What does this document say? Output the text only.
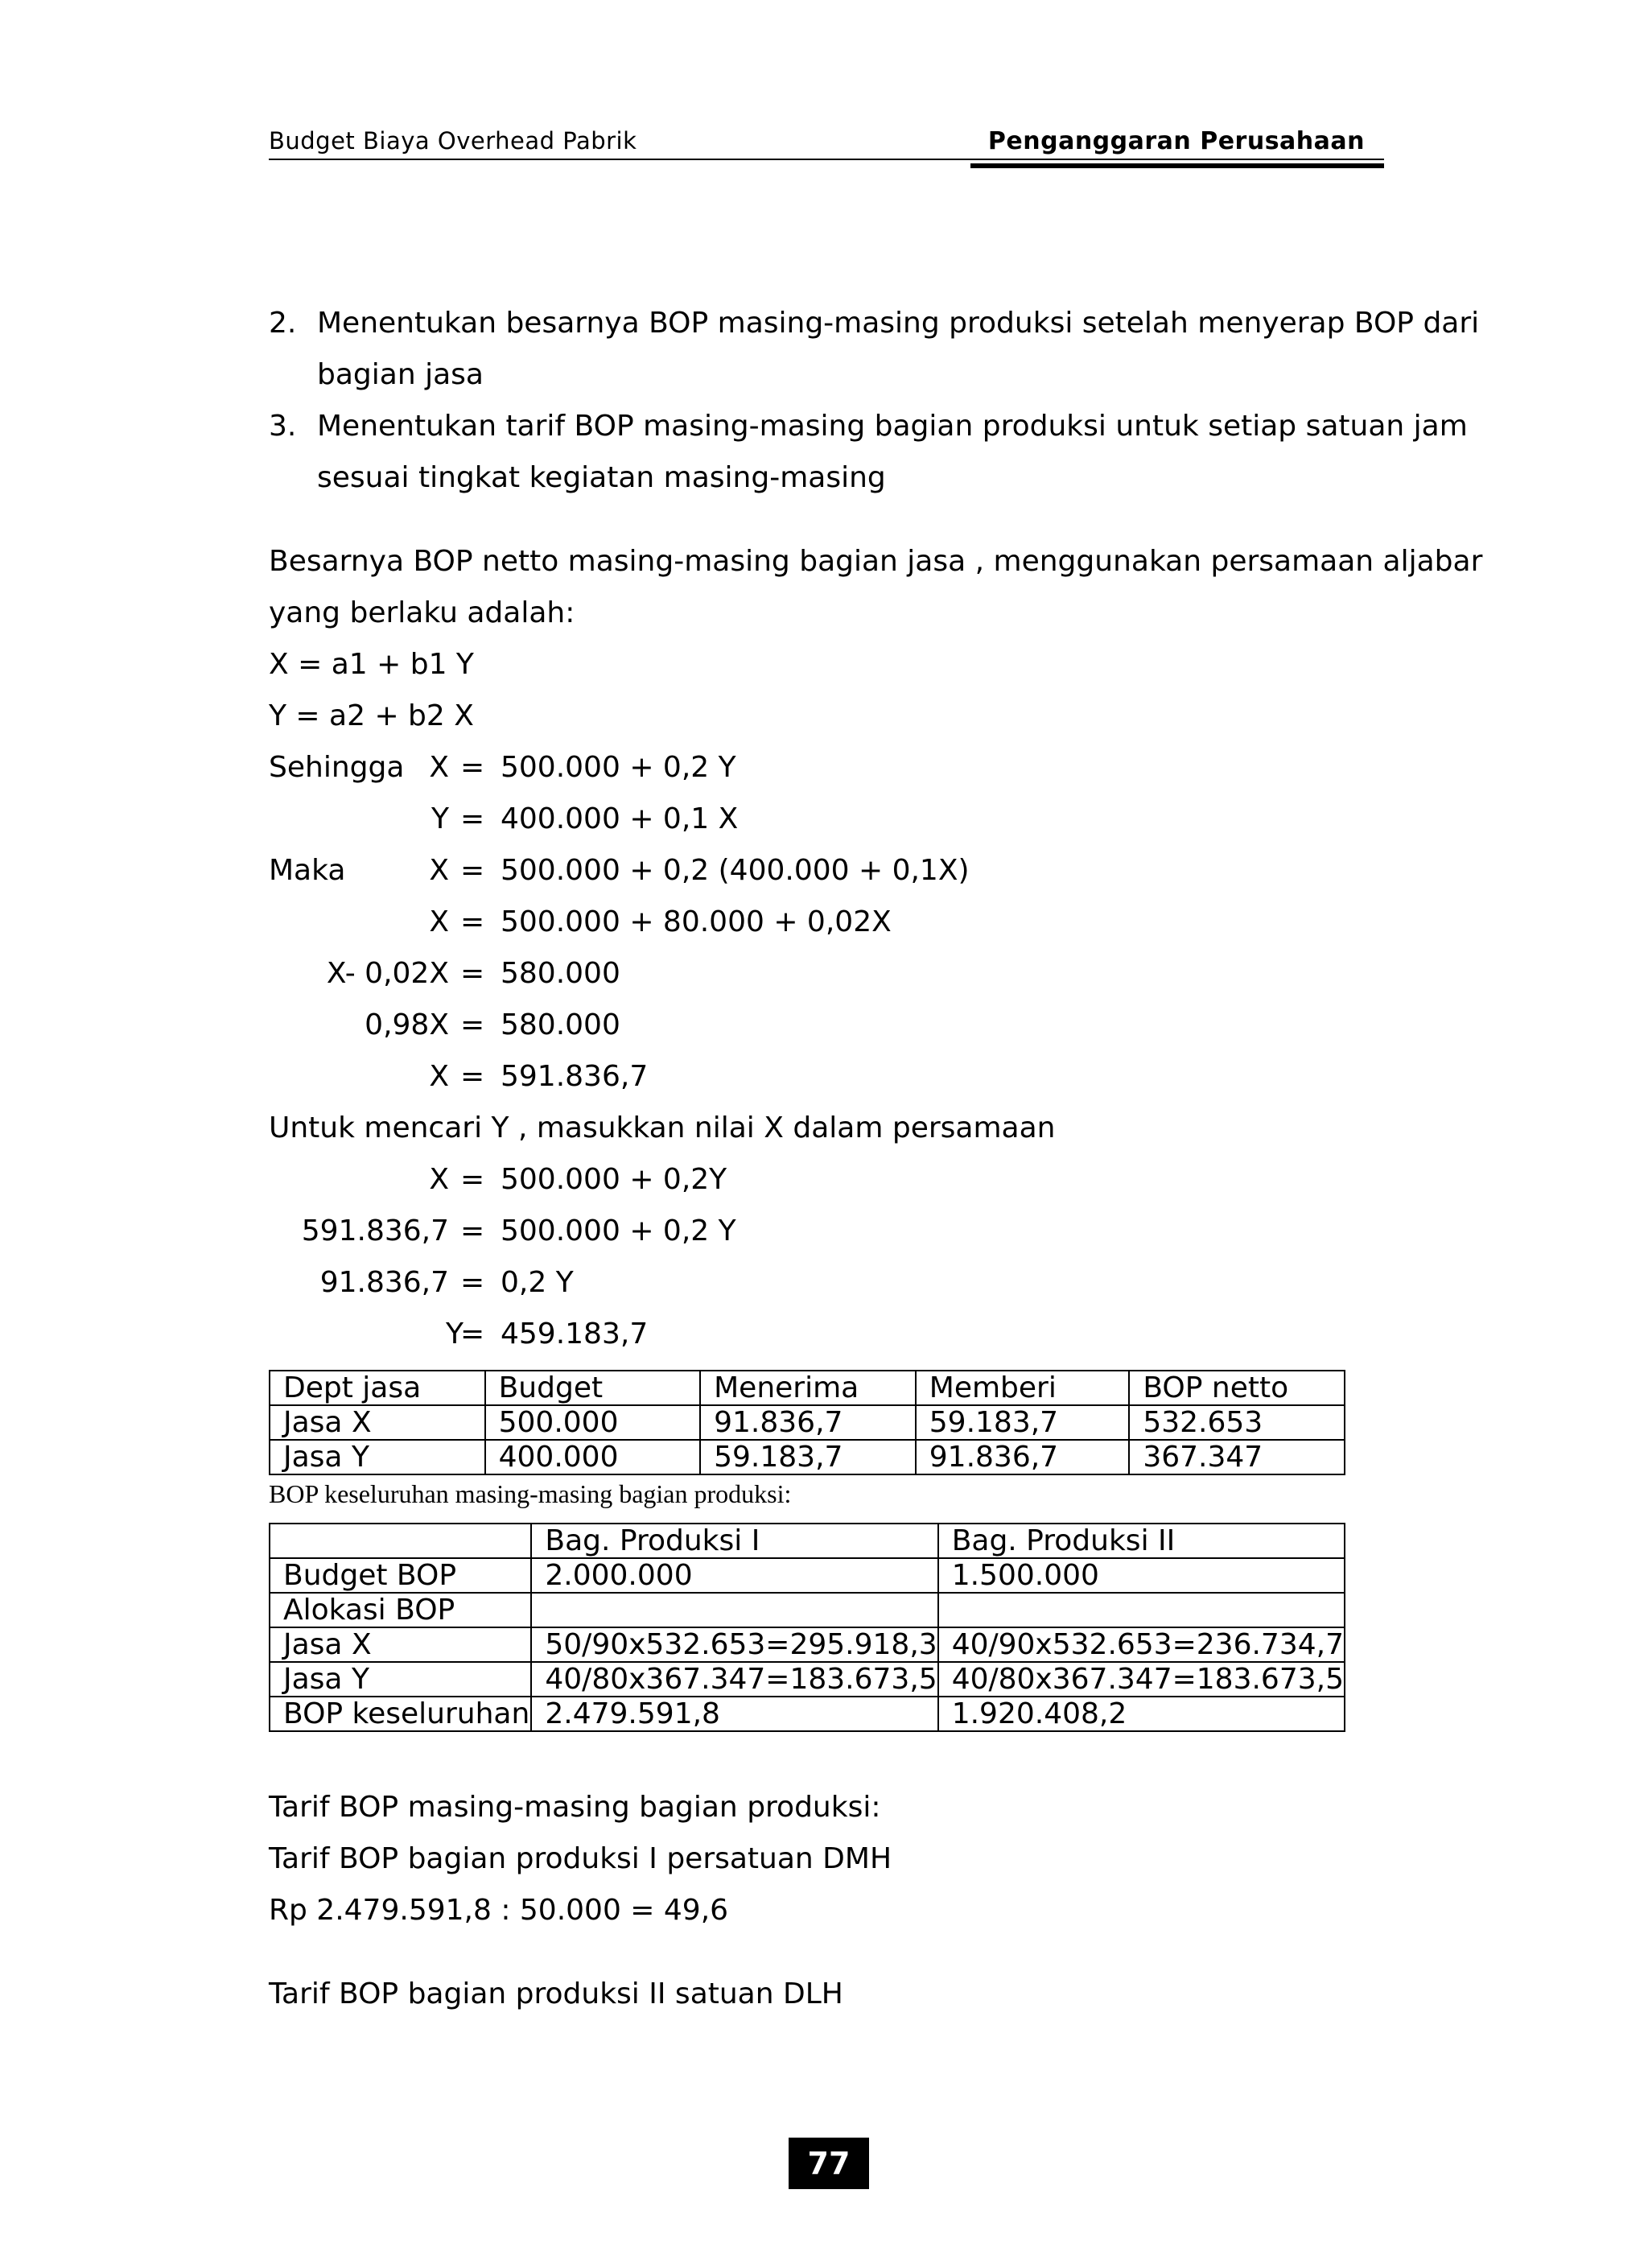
Budget Biaya Overhead Pabrik	Penganggaran Perusahaan
2. Menentukan besarnya BOP masing-masing produksi setelah menyerap BOP dari
bagian jasa
3. Menentukan tarif BOP masing-masing bagian produksi untuk setiap satuan jam
sesuai tingkat kegiatan masing-masing
Besarnya BOP netto masing-masing bagian jasa , menggunakan persamaan aljabar
yang berlaku adalah:
X = a1 + b1 Y
Y = a2 + b2 X
Sehingga X = 500.000 + 0,2 Y
Y = 400.000 + 0,1 X
Maka	X = 500.000 + 0,2 (400.000 + 0,1X)
X = 500.000 + 80.000 + 0,02X
X- 0,02X = 580.000
0,98X = 580.000
X = 591.836,7
Untuk mencari Y , masukkan nilai X dalam persamaan
X = 500.000 + 0,2Y
591.836,7 = 500.000 + 0,2 Y
91.836,7 = 0,2 Y
Y
= 459.183,7
Dept jasa	Budget	Menerima	Memberi	BOP netto
Jasa X	500.000	91.836,7	59.183,7	532.653
Jasa Y	400.000	59.183,7	91.836,7	367.347
BOP keseluruhan masing-masing bagian produksi:
	Bag. Produksi I	Bag. Produksi II
Budget BOP	2.000.000	1.500.000
Alokasi BOP		
Jasa X	50/90x532.653=295.918,3	40/90x532.653=236.734,7
Jasa Y	40/80x367.347=183.673,5	40/80x367.347=183.673,5
BOP keseluruhan	2.479.591,8	1.920.408,2
Tarif BOP masing-masing bagian produksi:
Tarif BOP bagian produksi I persatuan DMH
Rp 2.479.591,8 : 50.000 = 49,6
Tarif BOP bagian produksi II satuan DLH
77
